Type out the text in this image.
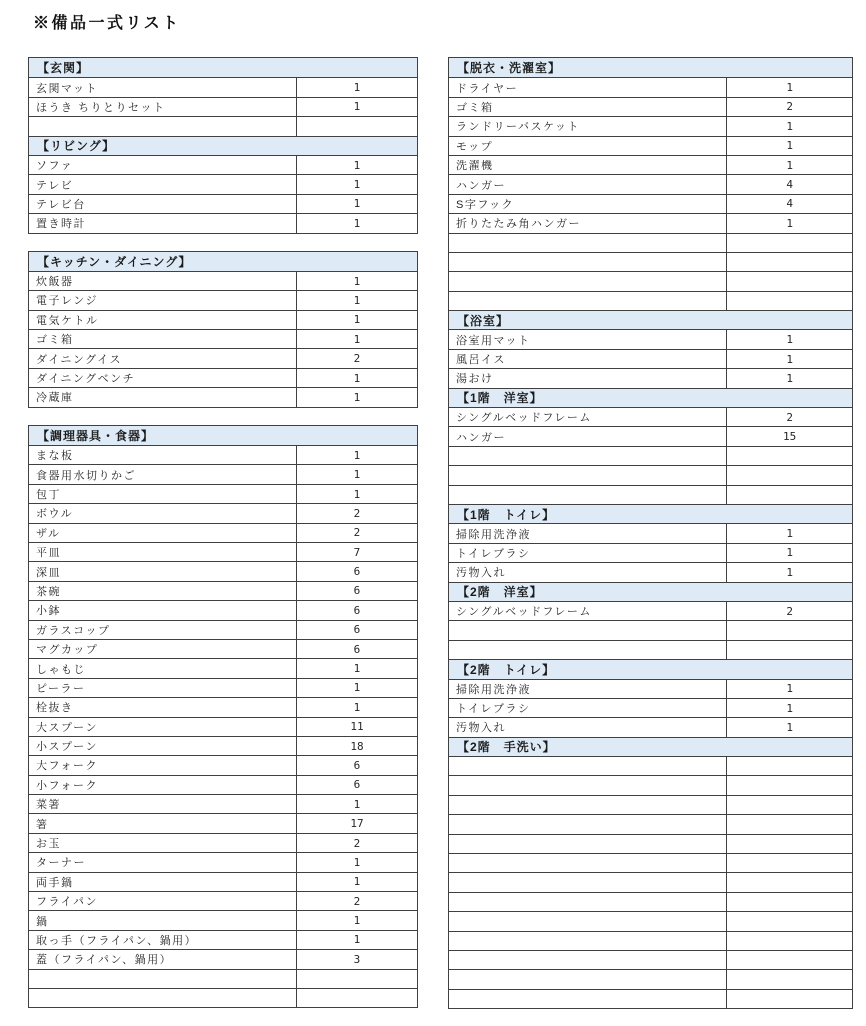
※備品一式リスト
【玄関】
玄関マット	1
ほうき ちりとりセット	1
【リビング】
ソファ	1
テレビ	1
テレビ台	1
置き時計	1
【キッチン・ダイニング】
炊飯器	1
電子レンジ	1
電気ケトル	1
ゴミ箱	1
ダイニングイス	2
ダイニングベンチ	1
冷蔵庫	1
【調理器具・食器】
まな板	1
食器用水切りかご	1
包丁	1
ボウル	2
ザル	2
平皿	7
深皿	6
茶碗	6
小鉢	6
ガラスコップ	6
マグカップ	6
しゃもじ	1
ピーラー	1
栓抜き	1
大スプーン	11
小スプーン	18
大フォーク	6
小フォーク	6
菜箸	1
箸	17
お玉	2
ターナー	1
両手鍋	1
フライパン	2
鍋	1
取っ手（フライパン、鍋用）	1
蓋（フライパン、鍋用）	3
【脱衣・洗濯室】
ドライヤー	1
ゴミ箱	2
ランドリーバスケット	1
モップ	1
洗濯機	1
ハンガー	4
S字フック	4
折りたたみ角ハンガー	1
【浴室】
浴室用マット	1
風呂イス	1
湯おけ	1
【1階　洋室】
シングルベッドフレーム	2
ハンガー	15
【1階　トイレ】
掃除用洗浄液	1
トイレブラシ	1
汚物入れ	1
【2階　洋室】
シングルベッドフレーム	2
【2階　トイレ】
掃除用洗浄液	1
トイレブラシ	1
汚物入れ	1
【2階　手洗い】
